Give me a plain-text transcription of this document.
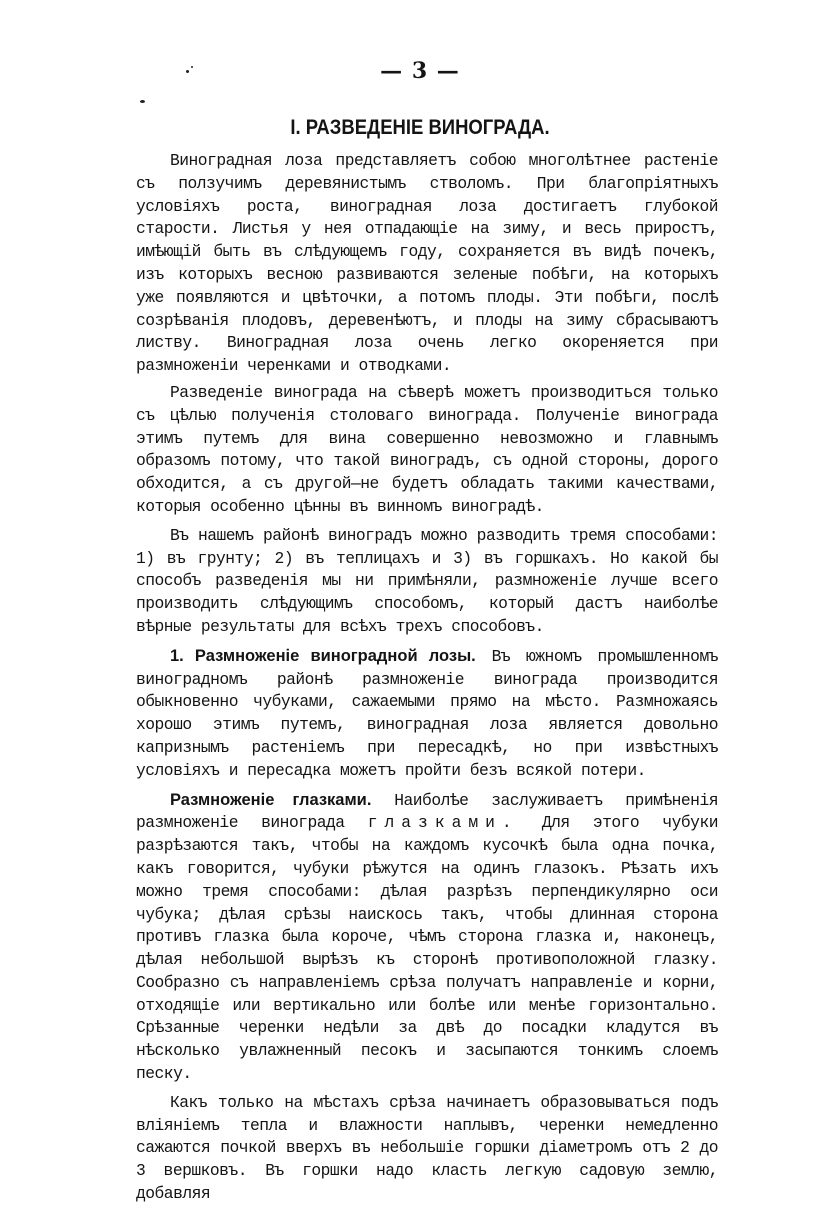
— 3 —
I. РАЗВЕДЕНІЕ ВИНОГРАДА.

Виноградная лоза представляетъ собою многолѣтнее растеніе съ ползучимъ деревянистымъ стволомъ. При благопріятныхъ условіяхъ роста, виноградная лоза достигаетъ глубокой старости. Листья у нея отпадающіе на зиму, и весь приростъ, имѣющій быть въ слѣдующемъ году, сохраняется въ видѣ почекъ, изъ которыхъ весною развиваются зеленые побѣги, на которыхъ уже появляются и цвѣточки, а потомъ плоды. Эти побѣги, послѣ созрѣванія плодовъ, деревенѣютъ, и плоды на зиму сбрасываютъ листву. Виноградная лоза очень легко окореняется при размноженіи черенками и отводками.

Разведеніе винограда на сѣверѣ можетъ производиться только съ цѣлью полученія столоваго винограда. Полученіе винограда этимъ путемъ для вина совершенно невозможно и главнымъ образомъ потому, что такой виноградъ, съ одной стороны, дорого обходится, а съ другой—не будетъ обладать такими качествами, которыя особенно цѣнны въ винномъ виноградѣ.

Въ нашемъ районѣ виноградъ можно разводить тремя способами: 1) въ грунту; 2) въ теплицахъ и 3) въ горшкахъ. Но какой бы способъ разведенія мы ни примѣняли, размноженіе лучше всего производить слѣдующимъ способомъ, который дастъ наиболѣе вѣрные результаты для всѣхъ трехъ способовъ.

1. Размноженіе виноградной лозы. Въ южномъ промышленномъ виноградномъ районѣ размноженіе винограда производится обыкновенно чубуками, сажаемыми прямо на мѣсто. Размножаясь хорошо этимъ путемъ, виноградная лоза является довольно капризнымъ растеніемъ при пересадкѣ, но при извѣстныхъ условіяхъ и пересадка можетъ пройти безъ всякой потери.

Размноженіе глазками. Наиболѣе заслуживаетъ примѣненія размноженіе винограда глазками. Для этого чубуки разрѣзаются такъ, чтобы на каждомъ кусочкѣ была одна почка, какъ говорится, чубуки рѣжутся на одинъ глазокъ. Рѣзать ихъ можно тремя способами: дѣлая разрѣзъ перпендикулярно оси чубука; дѣлая срѣзы наискось такъ, чтобы длинная сторона противъ глазка была короче, чѣмъ сторона глазка и, наконецъ, дѣлая небольшой вырѣзъ къ сторонѣ противоположной глазку. Сообразно съ направленіемъ срѣза получатъ направленіе и корни, отходящіе или вертикально или болѣе или менѣе горизонтально. Срѣзанные черенки недѣли за двѣ до посадки кладутся въ нѣсколько увлажненный песокъ и засыпаются тонкимъ слоемъ песку.

Какъ только на мѣстахъ срѣза начинаетъ образовываться подъ вліяніемъ тепла и влажности наплывъ, черенки немедленно сажаются почкой вверхъ въ небольшіе горшки діаметромъ отъ 2 до 3 вершковъ. Въ горшки надо класть легкую садовую землю, добавляя
